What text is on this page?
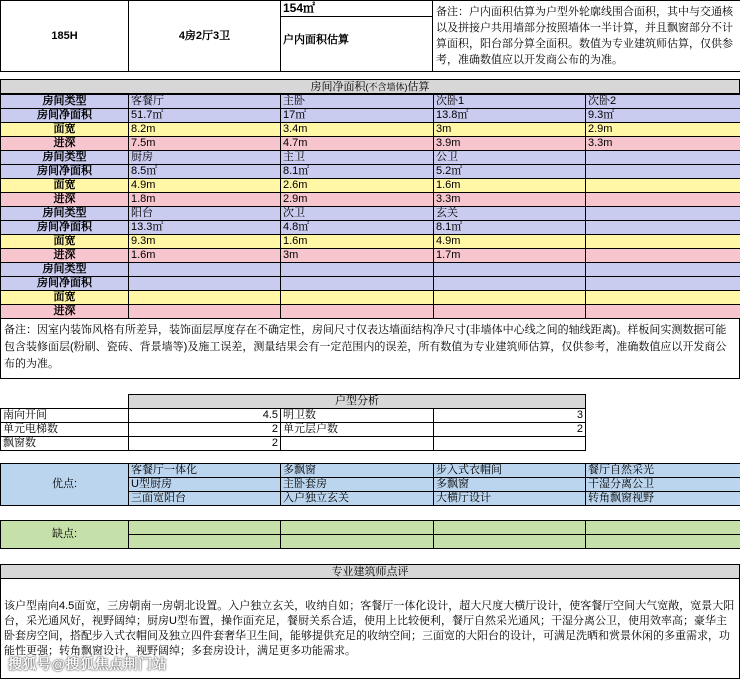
185H	4房2厅3卫	
154㎡
户内面积估算
	备注：户内面积估算为户型外轮廓线围合面积，其中与交通核以及拼接户共用墙部分按照墙体一半计算，并且飘窗部分不计算面积，阳台部分算全面积。数值为专业建筑师估算，仅供参考，准确数值应以开发商公布的为准。
房间净面积(不含墙体)估算
房间类型	客餐厅	主卧	次卧1	次卧2
房间净面积	51.7㎡	17㎡	13.8㎡	9.3㎡
面宽	8.2m	3.4m	3m	2.9m
进深	7.5m	4.7m	3.9m	3.3m
房间类型	厨房	主卫	公卫	
房间净面积	8.5㎡	8.1㎡	5.2㎡	
面宽	4.9m	2.6m	1.6m	
进深	1.8m	2.9m	3.3m	
房间类型	阳台	次卫	玄关	
房间净面积	13.3㎡	4.8㎡	8.1㎡	
面宽	9.3m	1.6m	4.9m	
进深	1.6m	3m	1.7m	
房间类型				
房间净面积				
面宽				
进深				
备注：因室内装饰风格有所差异，装饰面层厚度存在不确定性，房间尺寸仅表达墙面结构净尺寸(非墙体中心线之间的轴线距离)。样板间实测数据可能包含装修面层(粉刷、瓷砖、背景墙等)及施工误差，测量结果会有一定范围内的误差，所有数值为专业建筑师估算，仅供参考，准确数值应以开发商公布的为准。
	户型分析			
南向开间	4.5	明卫数	3	
单元电梯数	2	单元层户数	2	
飘窗数	2			
优点:	客餐厅一体化	多飘窗	步入式衣帽间	餐厅自然采光
	U型厨房	主卧套房	多飘窗	干湿分离公卫
	三面宽阳台	入户独立玄关	大横厅设计	转角飘窗视野
缺点:				

专业建筑师点评
该户型南向4.5面宽，三房朝南一房朝北设置。入户独立玄关，收纳自如；客餐厅一体化设计，超大尺度大横厅设计，使客餐厅空间大气宽敞，宽景大阳台，采光通风好，视野阔绰；厨房U型布置，操作面充足，餐厨关系合适，使用上比较便利，餐厅自然采光通风；干湿分离公卫，使用效率高；豪华主卧套房空间，搭配步入式衣帽间及独立四件套奢华卫生间，能够提供充足的收纳空间；三面宽的大阳台的设计，可满足洗晒和赏景休闲的多重需求，功能性更强；转角飘窗设计，视野阔绰；多套房设计，满足更多功能需求。
搜狐号@搜狐焦点荆门站
